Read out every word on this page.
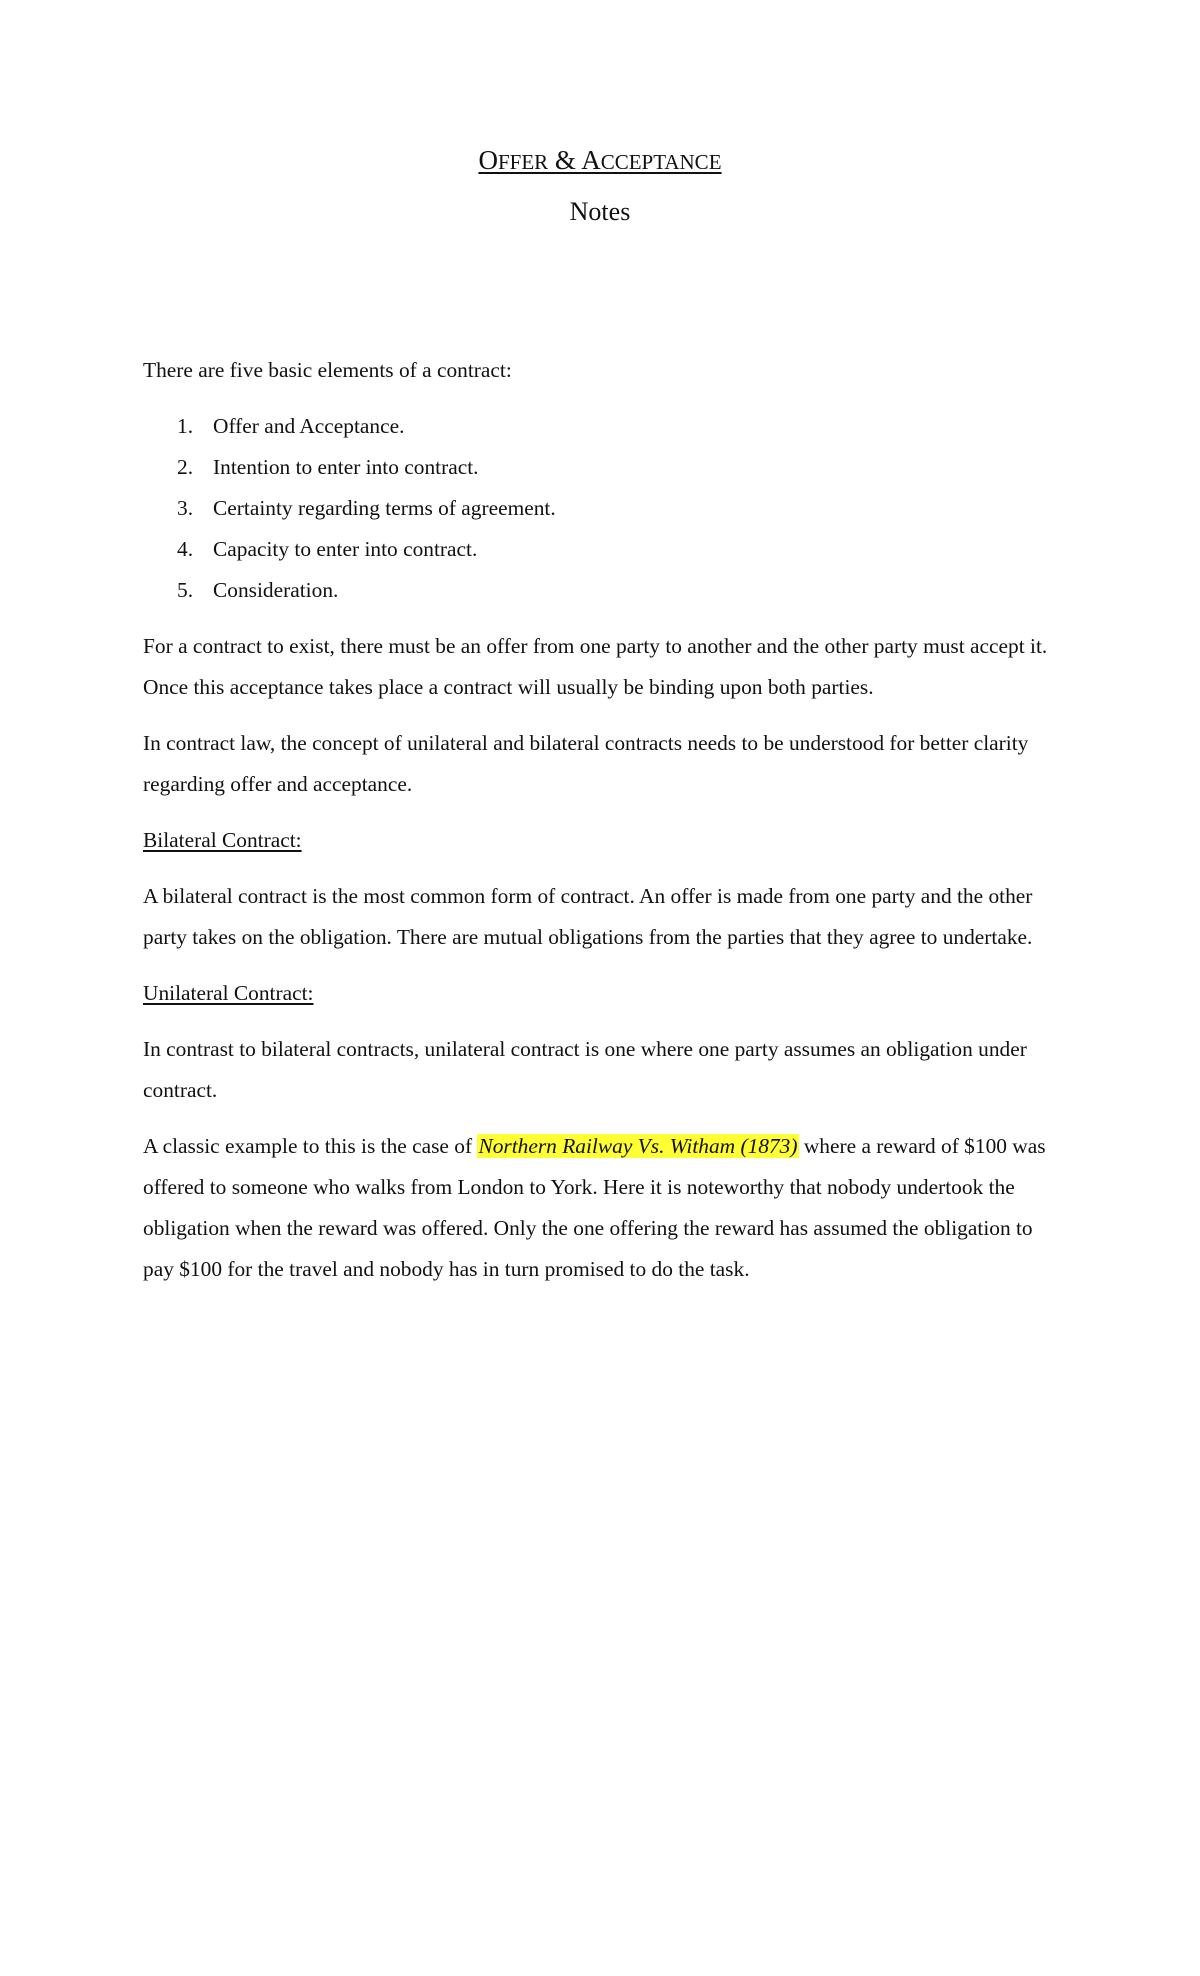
OFFER & ACCEPTANCE
Notes

There are five basic elements of a contract:

1. Offer and Acceptance.
2. Intention to enter into contract.
3. Certainty regarding terms of agreement.
4. Capacity to enter into contract.
5. Consideration.

For a contract to exist, there must be an offer from one party to another and the other party must accept it. Once this acceptance takes place a contract will usually be binding upon both parties.

In contract law, the concept of unilateral and bilateral contracts needs to be understood for better clarity regarding offer and acceptance.

Bilateral Contract:

A bilateral contract is the most common form of contract. An offer is made from one party and the other party takes on the obligation. There are mutual obligations from the parties that they agree to undertake.

Unilateral Contract:

In contrast to bilateral contracts, unilateral contract is one where one party assumes an obligation under contract.

A classic example to this is the case of Northern Railway Vs. Witham (1873) where a reward of $100 was offered to someone who walks from London to York. Here it is noteworthy that nobody undertook the obligation when the reward was offered. Only the one offering the reward has assumed the obligation to pay $100 for the travel and nobody has in turn promised to do the task.
